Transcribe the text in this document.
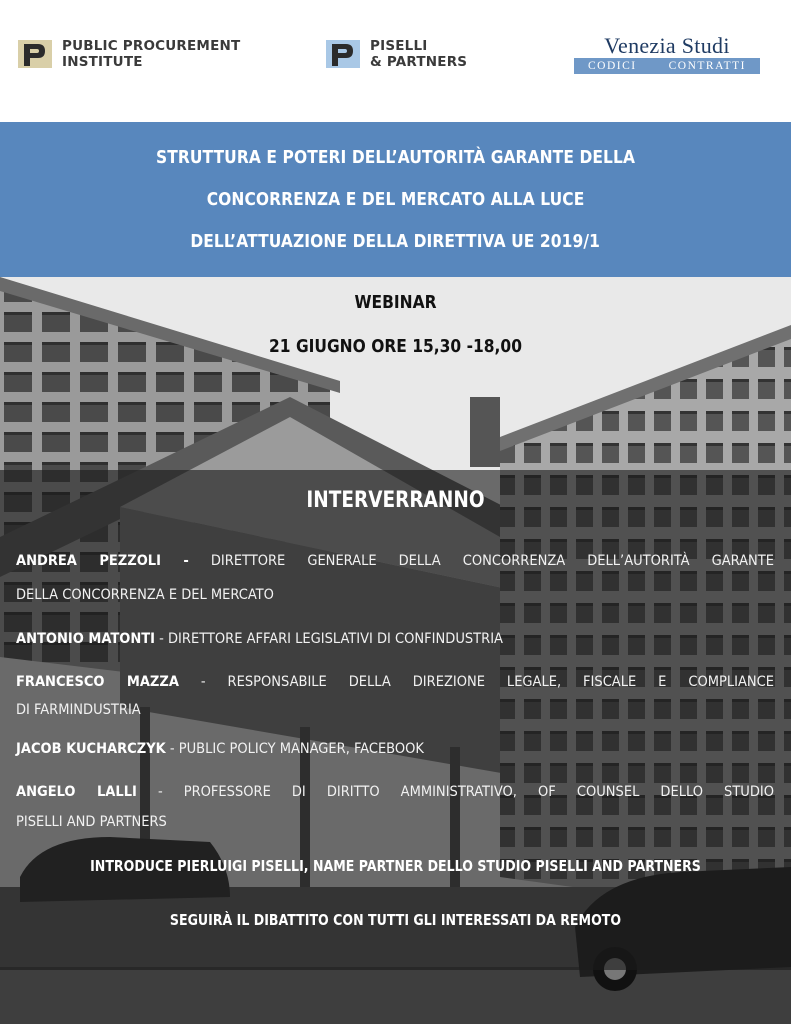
PUBLIC PROCUREMENT
INSTITUTE
PISELLI
& PARTNERS
Venezia Studi
CODICI	CONTRATTI
STRUTTURA E POTERI DELL’AUTORITÀ GARANTE DELLA
CONCORRENZA E DEL MERCATO ALLA LUCE
DELL’ATTUAZIONE DELLA DIRETTIVA UE 2019/1
WEBINAR
21 GIUGNO ORE 15,30 -18,00
INTERVERRANNO
ANDREA PEZZOLI - DIRETTORE GENERALE DELLA CONCORRENZA DELL’AUTORITÀ GARANTE
DELLA CONCORRENZA E DEL MERCATO
ANTONIO MATONTI - DIRETTORE AFFARI LEGISLATIVI DI CONFINDUSTRIA
FRANCESCO MAZZA - RESPONSABILE DELLA DIREZIONE LEGALE, FISCALE E COMPLIANCE
DI FARMINDUSTRIA
JACOB KUCHARCZYK - PUBLIC POLICY MANAGER, FACEBOOK
ANGELO LALLI - PROFESSORE DI DIRITTO AMMINISTRATIVO, OF COUNSEL DELLO STUDIO
PISELLI AND PARTNERS
INTRODUCE PIERLUIGI PISELLI, NAME PARTNER DELLO STUDIO PISELLI AND PARTNERS
SEGUIRÀ IL DIBATTITO CON TUTTI GLI INTERESSATI DA REMOTO
